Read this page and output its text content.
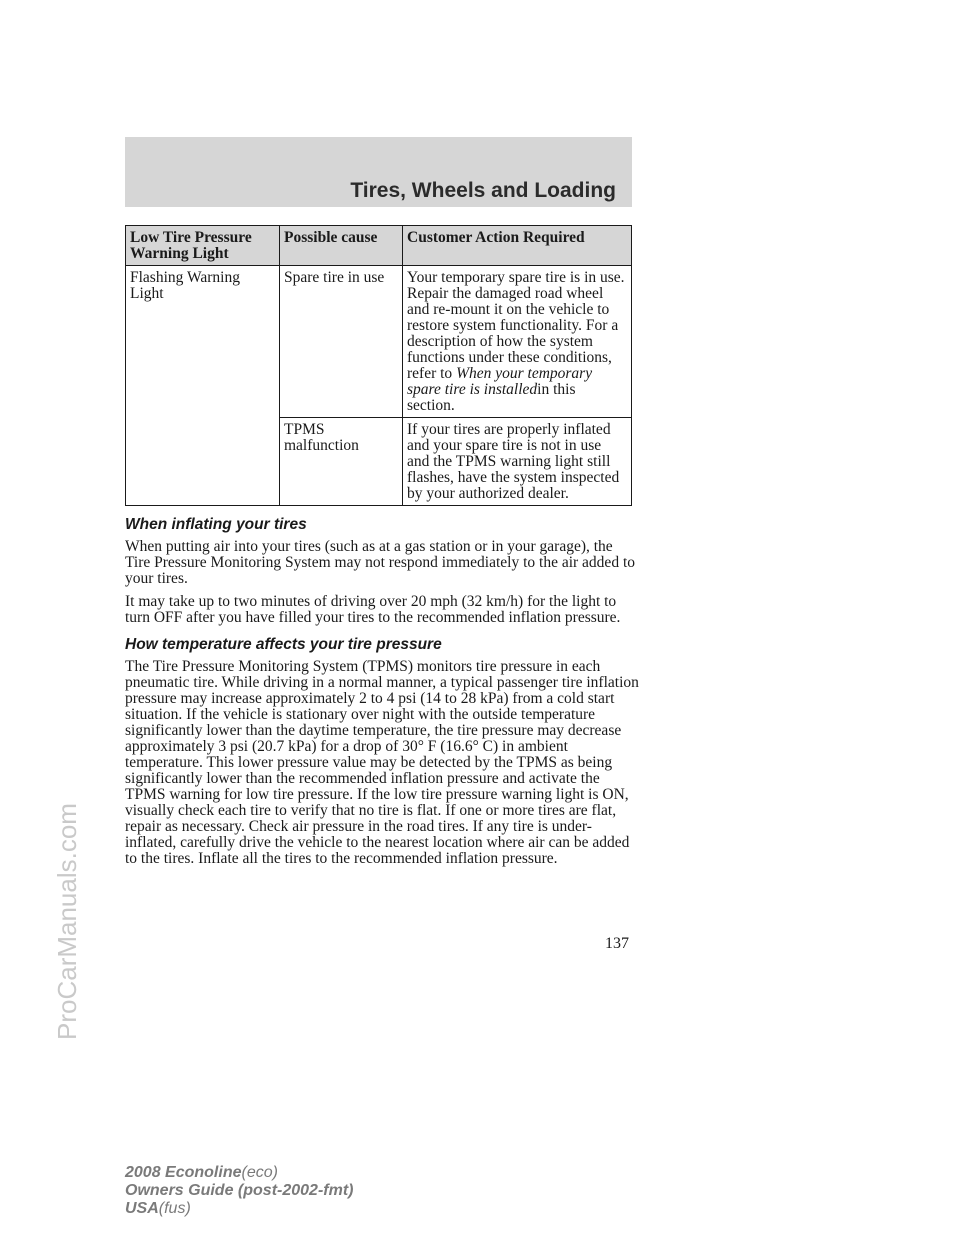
Tires, Wheels and Loading
Low Tire Pressure Warning Light	Possible cause	Customer Action Required
Flashing Warning Light	Spare tire in use	Your temporary spare tire is in use. Repair the damaged road wheel and re-mount it on the vehicle to restore system functionality. For a description of how the system functions under these conditions, refer to When your temporary spare tire is installedin this section.
	TPMS malfunction	If your tires are properly inflated and your spare tire is not in use and the TPMS warning light still flashes, have the system inspected by your authorized dealer.
When inflating your tires

When putting air into your tires (such as at a gas station or in your garage), the Tire Pressure Monitoring System may not respond immediately to the air added to your tires.

It may take up to two minutes of driving over 20 mph (32 km/h) for the light to turn OFF after you have filled your tires to the recommended inflation pressure.

How temperature affects your tire pressure

The Tire Pressure Monitoring System (TPMS) monitors tire pressure in each pneumatic tire. While driving in a normal manner, a typical passenger tire inflation pressure may increase approximately 2 to 4 psi (14 to 28 kPa) from a cold start situation. If the vehicle is stationary over night with the outside temperature significantly lower than the daytime temperature, the tire pressure may decrease approximately 3 psi (20.7 kPa) for a drop of 30° F (16.6° C) in ambient temperature. This lower pressure value may be detected by the TPMS as being significantly lower than the recommended inflation pressure and activate the TPMS warning for low tire pressure. If the low tire pressure warning light is ON, visually check each tire to verify that no tire is flat. If one or more tires are flat, repair as necessary. Check air pressure in the road tires. If any tire is under-inflated, carefully drive the vehicle to the nearest location where air can be added to the tires. Inflate all the tires to the recommended inflation pressure.

137

2008 Econoline(eco)
Owners Guide (post-2002-fmt)
USA(fus)
ProCarManuals.com
